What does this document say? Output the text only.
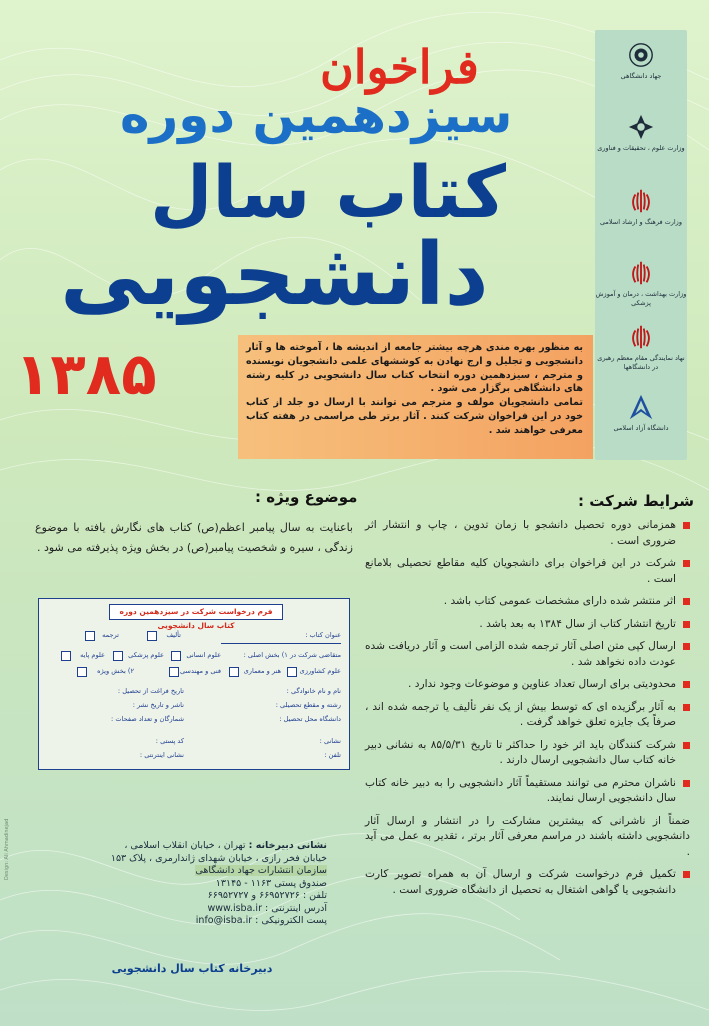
جهاد دانشگاهی
وزارت علوم ، تحقیقات و فناوری
وزارت فرهنگ و ارشاد اسلامی
وزارت بهداشت ، درمان و آموزش پزشکی
نهاد نمایندگی مقام معظم رهبری در دانشگاهها
دانشگاه آزاد اسلامی
فراخوان
سیزدهمین دوره
کتاب سال
دانشجویی
۱۳۸۵	به منظور بهره مندی هرچه بیشتر جامعه از اندیشه ها ، آموخته ها و آثار دانشجویی و تجلیل و ارج نهادن به کوششهای علمی دانشجویان نویسنده و مترجم ، سیزدهمین دوره انتخاب کتاب سال دانشجویی در کلیه رشته های دانشگاهی برگزار می شود .

تمامی دانشجویان مولف و مترجم می توانند با ارسال دو جلد از کتاب خود در این فراخوان شرکت کنند . آثار برتر طی مراسمی در هفته کتاب معرفی خواهند شد .

شرایط شرکت :
موضوع ویژه :
همزمانی دوره تحصیل دانشجو با زمان تدوین ، چاپ و انتشار اثر ضروری است .
شرکت در این فراخوان برای دانشجویان کلیه مقاطع تحصیلی بلامانع است .
اثر منتشر شده دارای مشخصات عمومی کتاب باشد .
تاریخ انتشار کتاب از سال ۱۳۸۴ به بعد باشد .
ارسال کپی متن اصلی آثار ترجمه شده الزامی است و آثار دریافت شده عودت داده نخواهد شد .
محدودیتی برای ارسال تعداد عناوین و موضوعات وجود ندارد .
به آثار برگزیده ای که توسط بیش از یک نفر تألیف یا ترجمه شده اند ، صرفاً یک جایزه تعلق خواهد گرفت .
شرکت کنندگان باید اثر خود را حداکثر تا تاریخ ۸۵/۵/۳۱ به نشانی دبیر خانه کتاب سال دانشجویی ارسال دارند .
ناشران محترم می توانند مستقیماً آثار دانشجویی را به دبیر خانه کتاب سال دانشجویی ارسال نمایند.
ضمناً از ناشرانی که بیشترین مشارکت را در انتشار و ارسال آثار دانشجویی داشته باشند در مراسم معرفی آثار برتر ، تقدیر به عمل می آید .
تکمیل فرم درخواست شرکت و ارسال آن به همراه تصویر کارت دانشجویی یا گواهی اشتغال به تحصیل از دانشگاه ضروری است .
باعنایت به سال پیامبر اعظم(ص) کتاب های نگارش یافته با موضوع زندگی ، سیره و شخصیت پیامبر(ص) در بخش ویژه پذیرفته می شود .
فرم درخواست شرکت در سیزدهمین دوره کتاب سال دانشجویی
عنوان کتاب :
تألیف
ترجمه
متقاضی شرکت در ۱) بخش اصلی :
علوم انسانی
علوم پزشکی
علوم پایه
علوم کشاورزی
هنر و معماری
فنی و مهندسی
۲) بخش ویژه
نام و نام خانوادگی :
تاریخ فراغت از تحصیل :
رشته و مقطع تحصیلی :
ناشر و تاریخ نشر :
دانشگاه محل تحصیل :
شمارگان و تعداد صفحات :
نشانی :
کد پستی :
تلفن :
نشانی اینترنتی :
نشانی دبیرخانه : تهران ، خیابان انقلاب اسلامی ،
خیابان فخر رازی ، خیابان شهدای ژاندارمری ، پلاک ۱۵۳
سازمان انتشارات جهاد دانشگاهی
صندوق پستی ۱۱۶۳ - ۱۳۱۴۵
تلفن : ۶۶۹۵۲۷۲۶ و ۶۶۹۵۲۷۲۷
آدرس اینترنتی : www.isba.ir
پست الکترونیکی : info@isba.ir
دبیرخانه کتاب سال دانشجویی
Design: Ali Ahmadinejad
